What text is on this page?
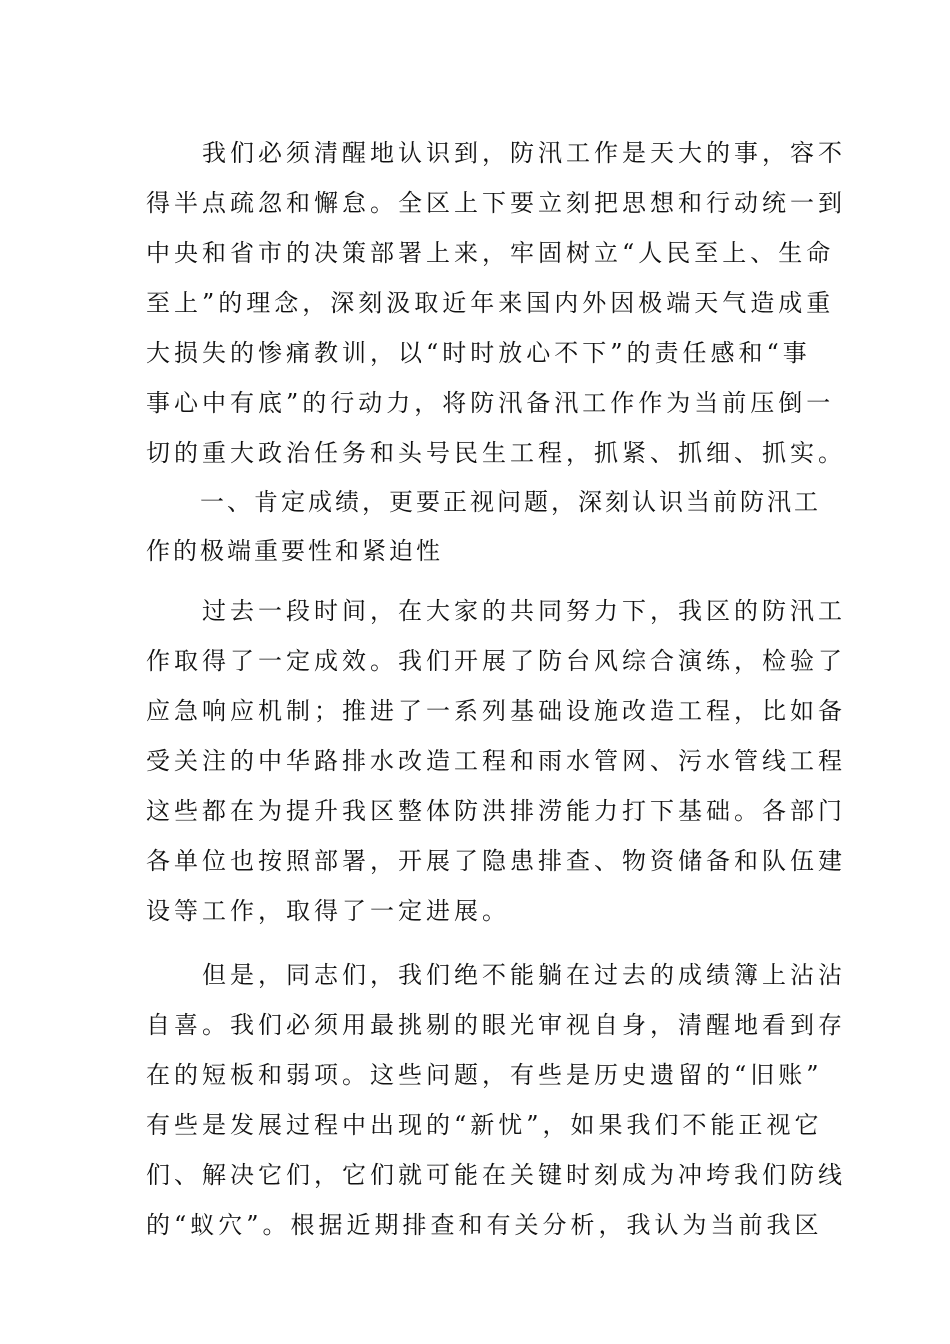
　　我们必须清醒地认识到，防汛工作是天大的事，容不
得半点疏忽和懈怠。全区上下要立刻把思想和行动统一到
中央和省市的决策部署上来，牢固树立“人民至上、生命
至上”的理念，深刻汲取近年来国内外因极端天气造成重
大损失的惨痛教训，以“时时放心不下”的责任感和“事
事心中有底”的行动力，将防汛备汛工作作为当前压倒一
切的重大政治任务和头号民生工程，抓紧、抓细、抓实。
　　一、肯定成绩，更要正视问题，深刻认识当前防汛工
作的极端重要性和紧迫性
　　过去一段时间，在大家的共同努力下，我区的防汛工
作取得了一定成效。我们开展了防台风综合演练，检验了
应急响应机制；推进了一系列基础设施改造工程，比如备
受关注的中华路排水改造工程和雨水管网、污水管线工程
这些都在为提升我区整体防洪排涝能力打下基础。各部门
各单位也按照部署，开展了隐患排查、物资储备和队伍建
设等工作，取得了一定进展。
　　但是，同志们，我们绝不能躺在过去的成绩簿上沾沾
自喜。我们必须用最挑剔的眼光审视自身，清醒地看到存
在的短板和弱项。这些问题，有些是历史遗留的“旧账”
有些是发展过程中出现的“新忧”，如果我们不能正视它
们、解决它们，它们就可能在关键时刻成为冲垮我们防线
的“蚁穴”。根据近期排查和有关分析，我认为当前我区
